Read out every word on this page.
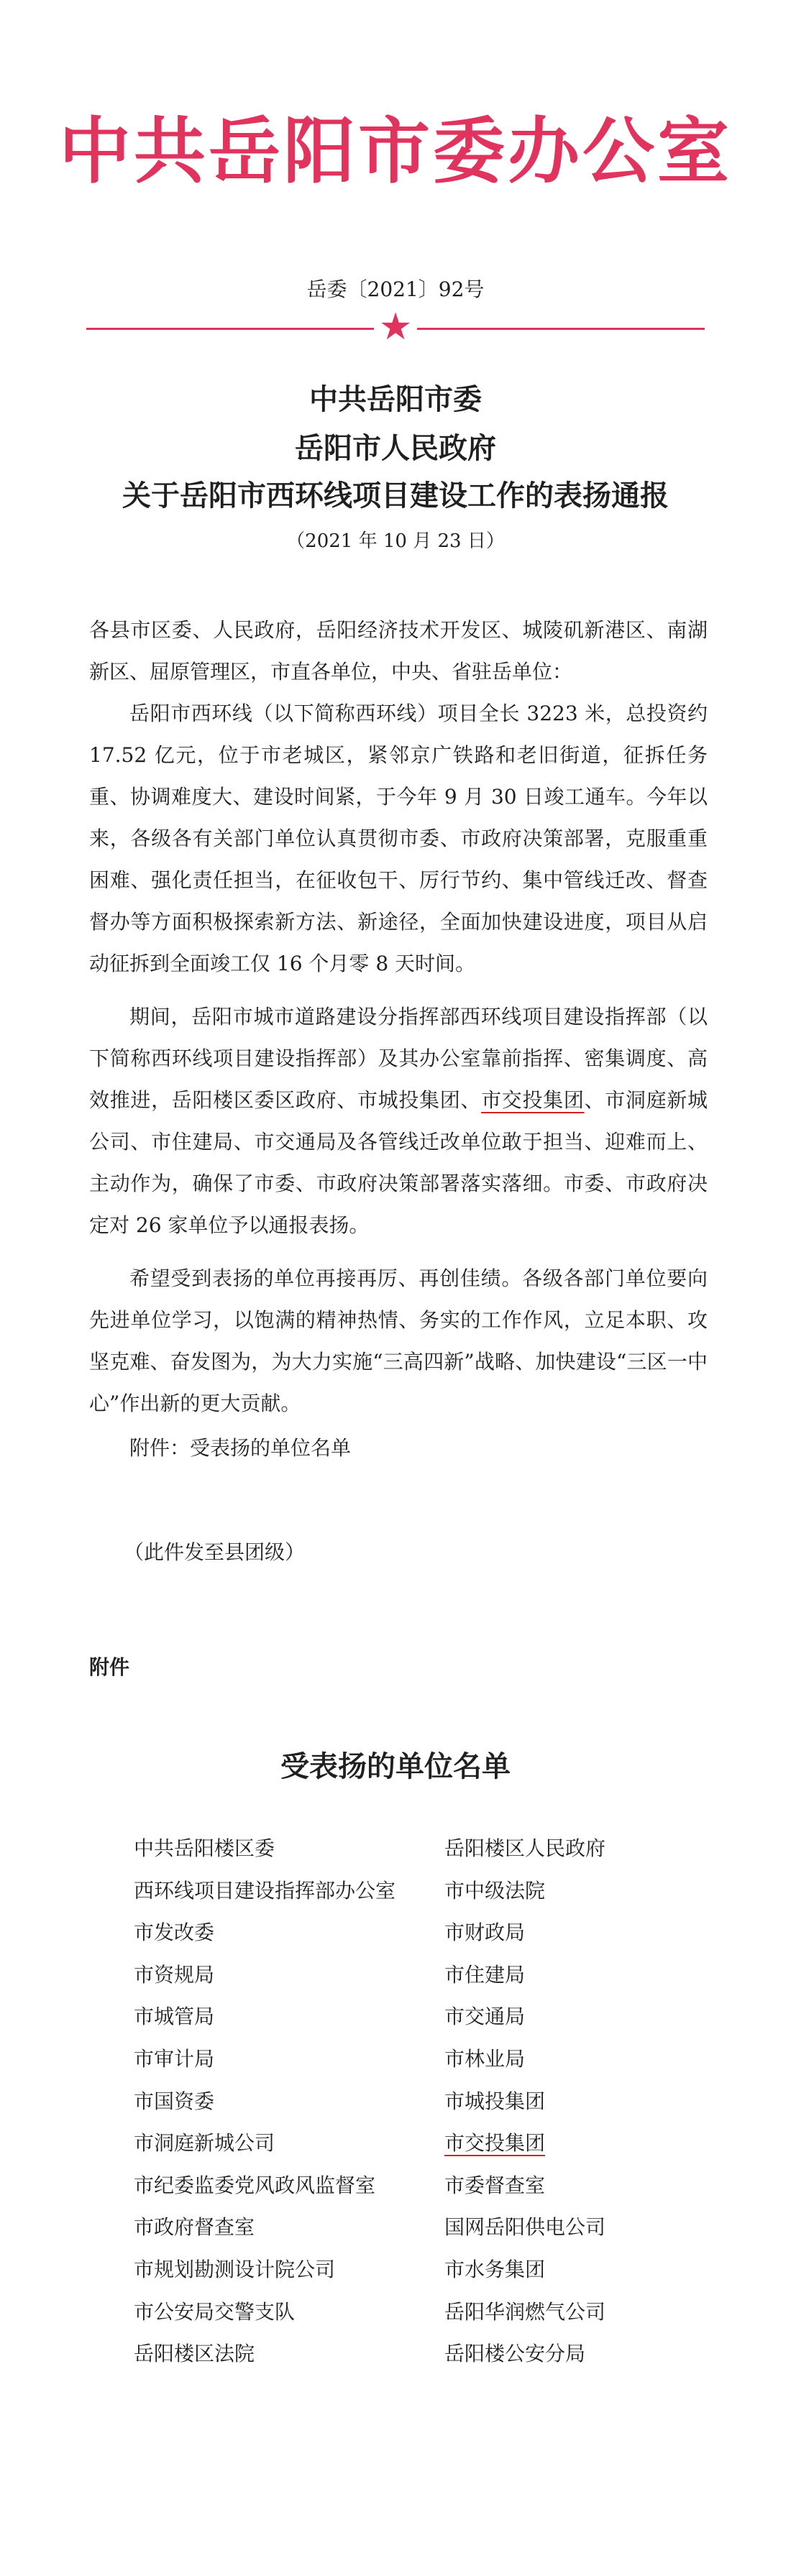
中共岳阳市委办公室
岳委〔2021〕92号
★
中共岳阳市委
岳阳市人民政府
关于岳阳市西环线项目建设工作的表扬通报
（2021 年 10 月 23 日）

各县市区委、人民政府，岳阳经济技术开发区、城陵矶新港区、南湖新区、屈原管理区，市直各单位，中央、省驻岳单位：

岳阳市西环线（以下简称西环线）项目全长 3223 米，总投资约 17.52 亿元，位于市老城区，紧邻京广铁路和老旧街道，征拆任务重、协调难度大、建设时间紧，于今年 9 月 30 日竣工通车。今年以来，各级各有关部门单位认真贯彻市委、市政府决策部署，克服重重困难、强化责任担当，在征收包干、厉行节约、集中管线迁改、督查督办等方面积极探索新方法、新途径，全面加快建设进度，项目从启动征拆到全面竣工仅 16 个月零 8 天时间。

期间，岳阳市城市道路建设分指挥部西环线项目建设指挥部（以下简称西环线项目建设指挥部）及其办公室靠前指挥、密集调度、高效推进，岳阳楼区委区政府、市城投集团、市交投集团、市洞庭新城公司、市住建局、市交通局及各管线迁改单位敢于担当、迎难而上、主动作为，确保了市委、市政府决策部署落实落细。市委、市政府决定对 26 家单位予以通报表扬。

希望受到表扬的单位再接再厉、再创佳绩。各级各部门单位要向先进单位学习，以饱满的精神热情、务实的工作作风，立足本职、攻坚克难、奋发图为，为大力实施“三高四新”战略、加快建设“三区一中心”作出新的更大贡献。

附件：受表扬的单位名单
（此件发至县团级）
附件
受表扬的单位名单
中共岳阳楼区委	岳阳楼区人民政府
西环线项目建设指挥部办公室	市中级法院
市发改委	市财政局
市资规局	市住建局
市城管局	市交通局
市审计局	市林业局
市国资委	市城投集团
市洞庭新城公司	市交投集团
市纪委监委党风政风监督室	市委督查室
市政府督查室	国网岳阳供电公司
市规划勘测设计院公司	市水务集团
市公安局交警支队	岳阳华润燃气公司
岳阳楼区法院	岳阳楼公安分局
